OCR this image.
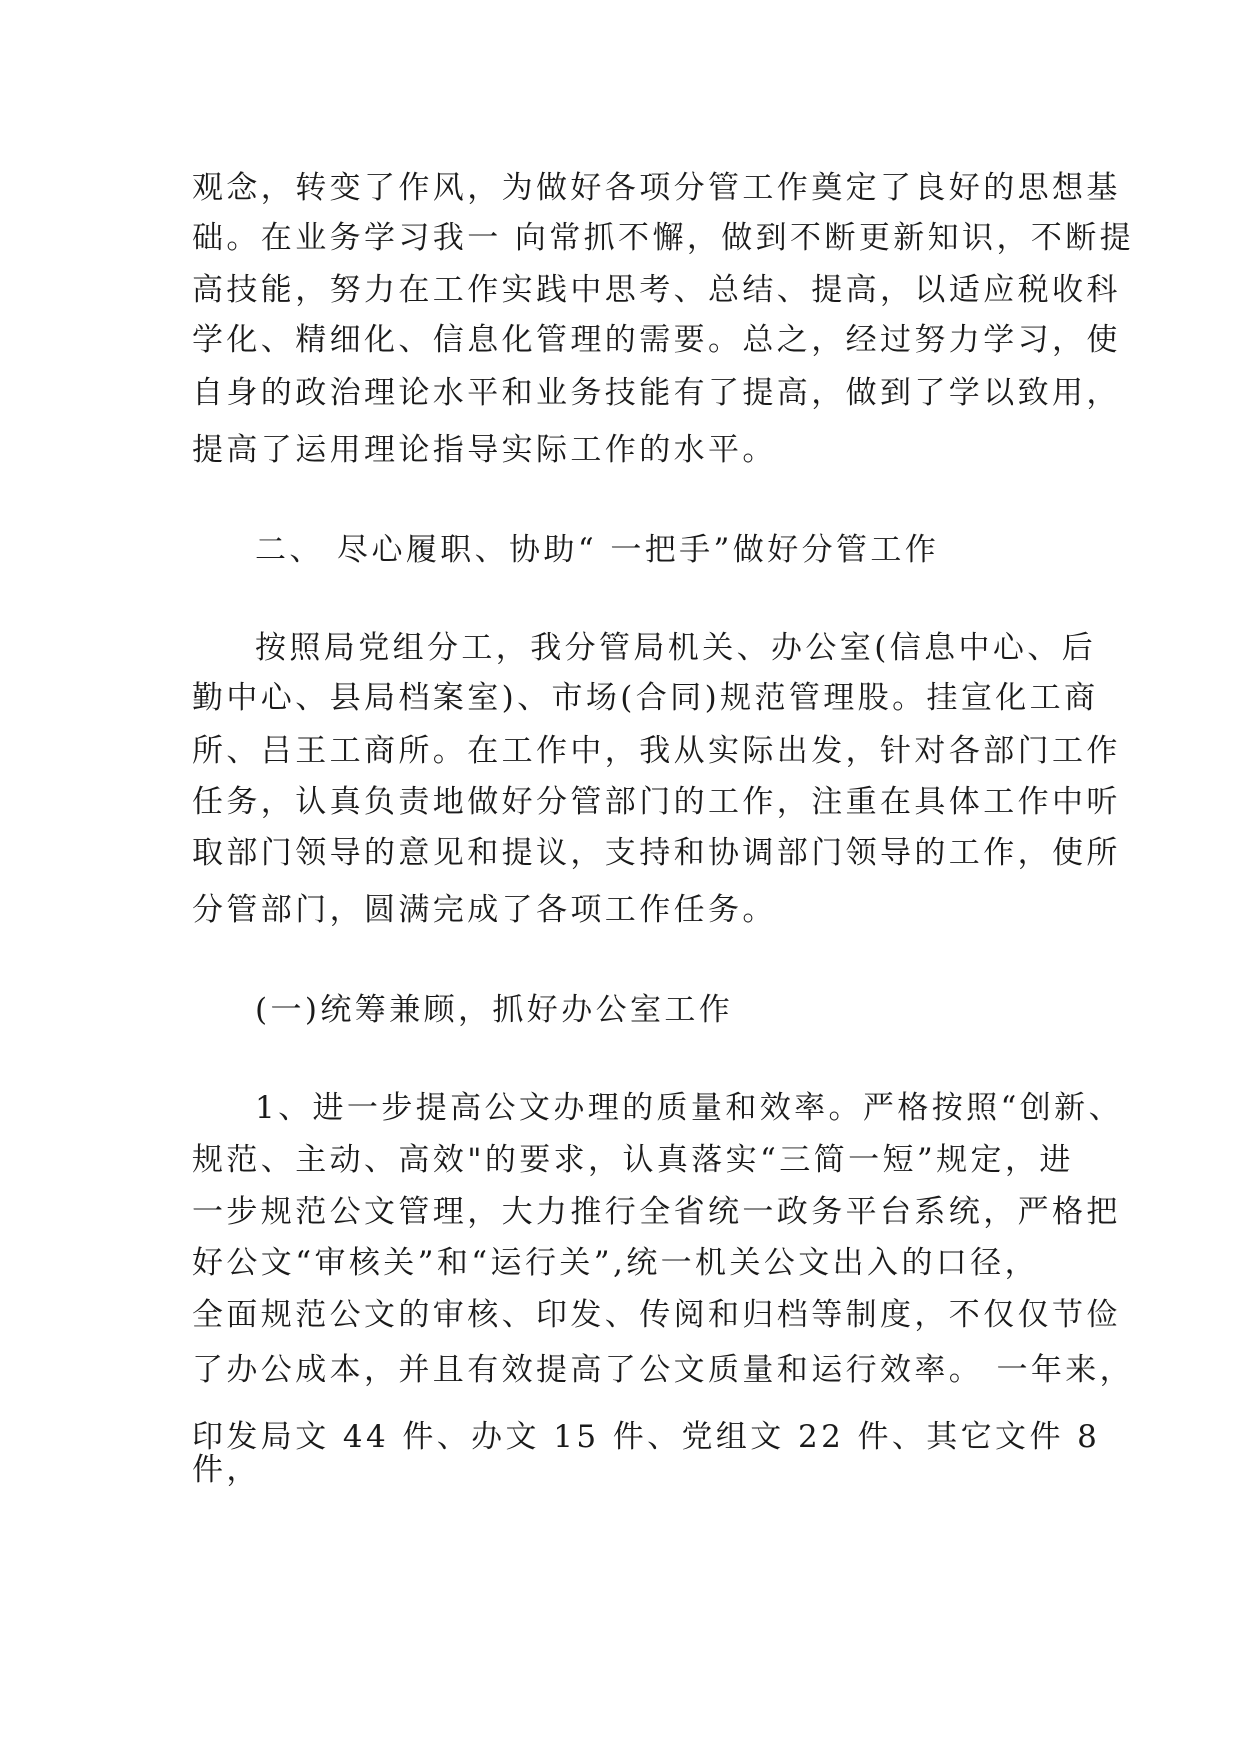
观念，转变了作风，为做好各项分管工作奠定了良好的思想基
础。在业务学习我一 向常抓不懈，做到不断更新知识，不断提
高技能，努力在工作实践中思考、总结、提高，以适应税收科
学化、精细化、信息化管理的需要。总之，经过努力学习，使
自身的政治理论水平和业务技能有了提高，做到了学以致用，
提高了运用理论指导实际工作的水平。
二、 尽心履职、协助“ 一把手”做好分管工作
按照局党组分工，我分管局机关、办公室(信息中心、后
勤中心、县局档案室)、市场(合同)规范管理股。挂宣化工商
所、吕王工商所。在工作中，我从实际出发，针对各部门工作
任务，认真负责地做好分管部门的工作，注重在具体工作中听
取部门领导的意见和提议，支持和协调部门领导的工作，使所
分管部门，圆满完成了各项工作任务。
(一)统筹兼顾，抓好办公室工作
1、进一步提高公文办理的质量和效率。严格按照“创新、
规范、主动、高效"的要求，认真落实“三简一短”规定，进
一步规范公文管理，大力推行全省统一政务平台系统，严格把
好公文“审核关”和“运行关”,统一机关公文出入的口径，
全面规范公文的审核、印发、传阅和归档等制度，不仅仅节俭
了办公成本，并且有效提高了公文质量和运行效率。 一年来，
印发局文 44 件、办文 15 件、党组文 22 件、其它文件 8
件，
